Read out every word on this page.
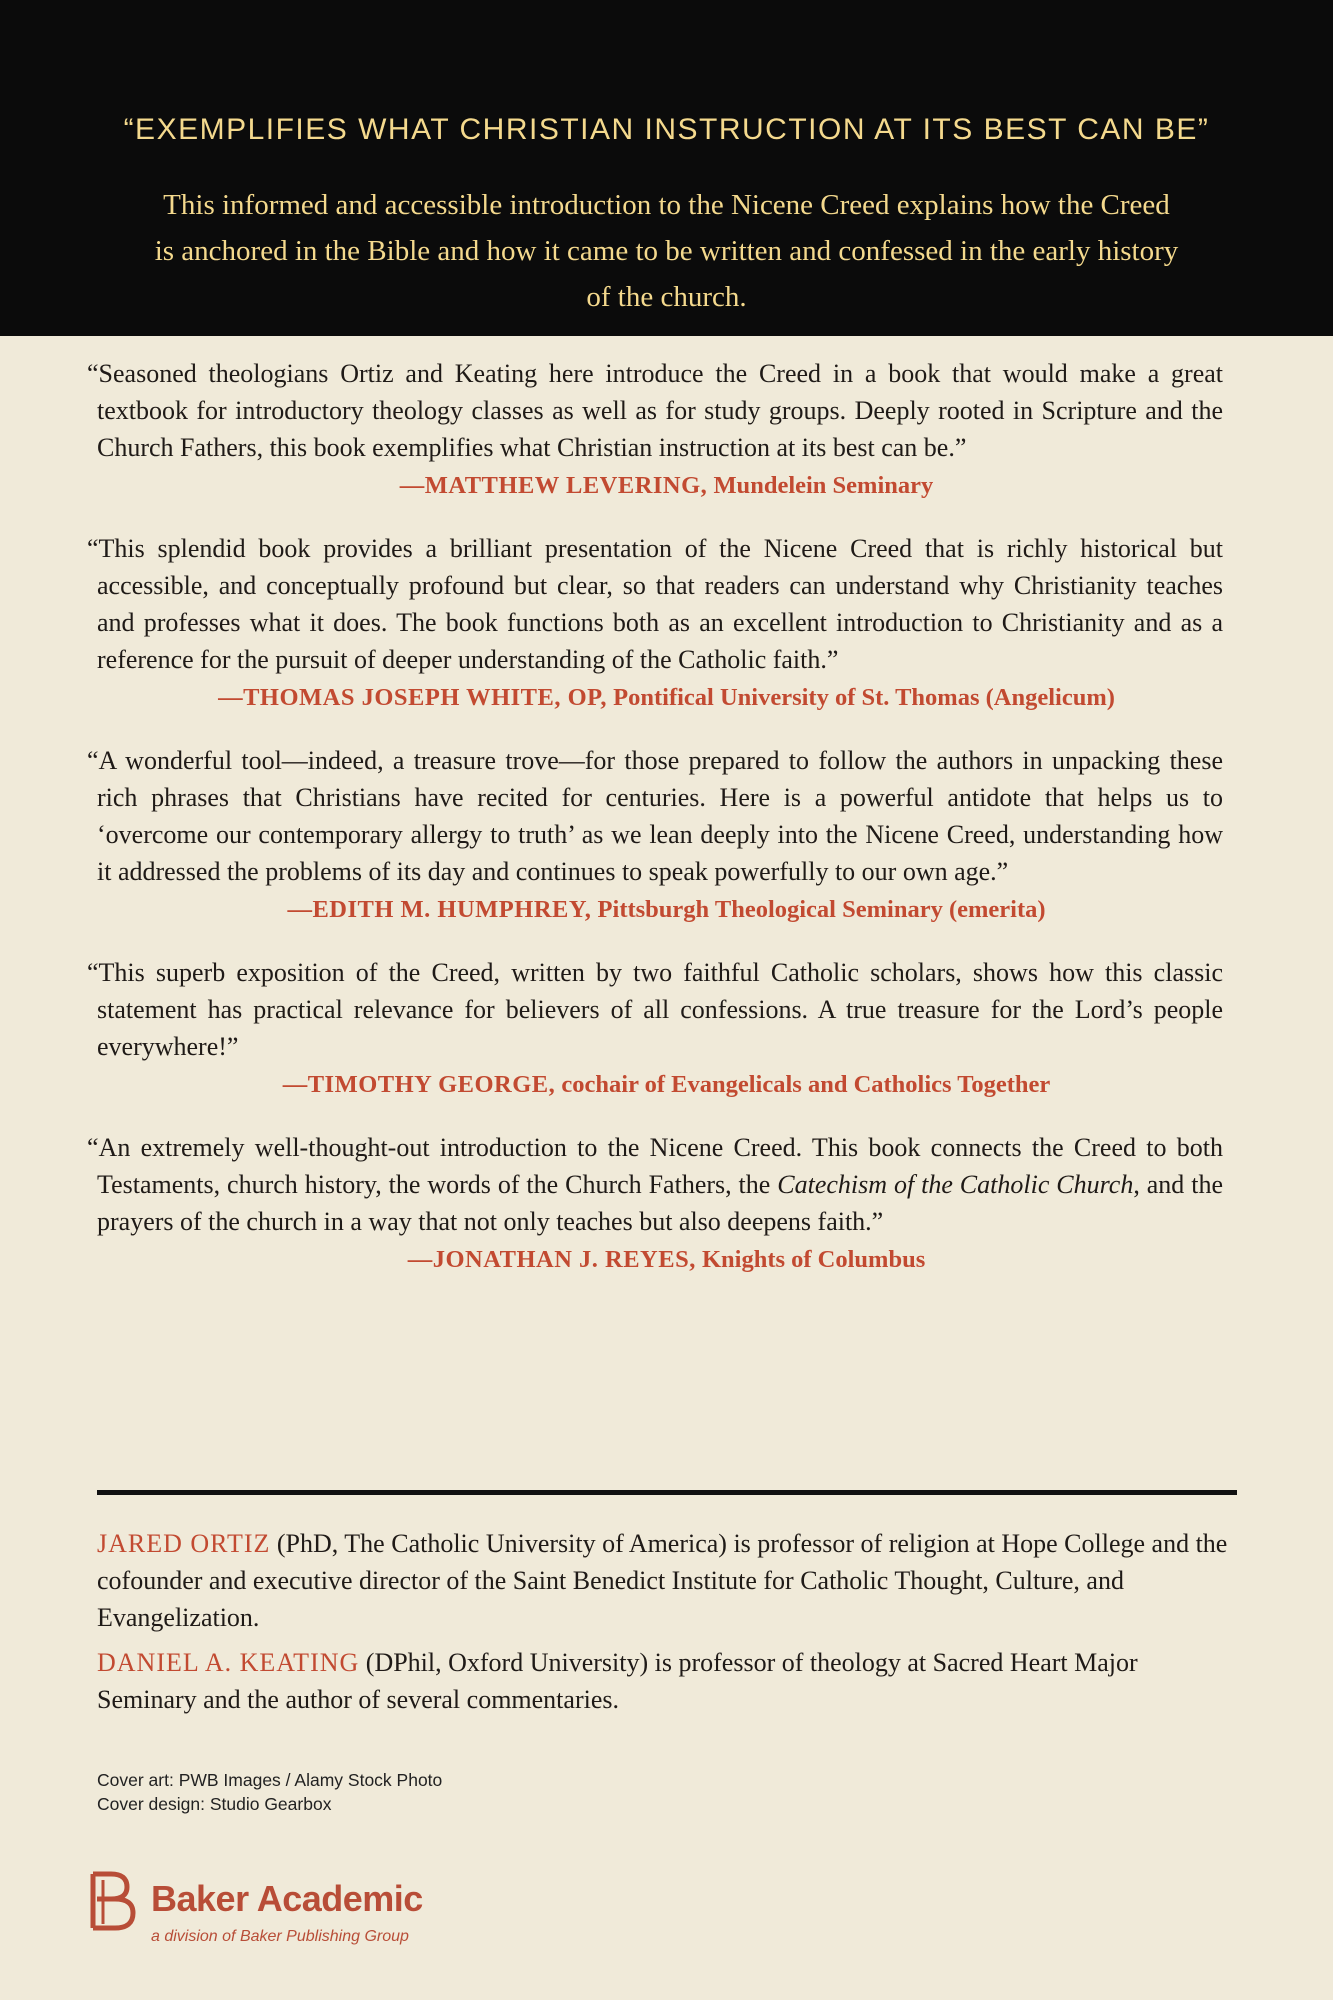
“EXEMPLIFIES WHAT CHRISTIAN INSTRUCTION AT ITS BEST CAN BE”
This informed and accessible introduction to the Nicene Creed explains how the Creed is anchored in the Bible and how it came to be written and confessed in the early history of the church.
“Seasoned theologians Ortiz and Keating here introduce the Creed in a book that would make a great textbook for introductory theology classes as well as for study groups. Deeply rooted in Scripture and the Church Fathers, this book exemplifies what Christian instruction at its best can be.”
—MATTHEW LEVERING, Mundelein Seminary
“This splendid book provides a brilliant presentation of the Nicene Creed that is richly historical but accessible, and conceptually profound but clear, so that readers can understand why Christianity teaches and professes what it does. The book functions both as an excellent introduction to Christianity and as a reference for the pursuit of deeper understanding of the Catholic faith.”
—THOMAS JOSEPH WHITE, OP, Pontifical University of St. Thomas (Angelicum)
“A wonderful tool—indeed, a treasure trove—for those prepared to follow the authors in unpacking these rich phrases that Christians have recited for centuries. Here is a powerful antidote that helps us to ‘overcome our contemporary allergy to truth’ as we lean deeply into the Nicene Creed, understanding how it addressed the problems of its day and continues to speak powerfully to our own age.”
—EDITH M. HUMPHREY, Pittsburgh Theological Seminary (emerita)
“This superb exposition of the Creed, written by two faithful Catholic scholars, shows how this classic statement has practical relevance for believers of all confessions. A true treasure for the Lord’s people everywhere!”
—TIMOTHY GEORGE, cochair of Evangelicals and Catholics Together
“An extremely well-thought-out introduction to the Nicene Creed. This book connects the Creed to both Testaments, church history, the words of the Church Fathers, the Catechism of the Catholic Church, and the prayers of the church in a way that not only teaches but also deepens faith.”
—JONATHAN J. REYES, Knights of Columbus
JARED ORTIZ (PhD, The Catholic University of America) is professor of religion at Hope College and the cofounder and executive director of the Saint Benedict Institute for Catholic Thought, Culture, and Evangelization.
DANIEL A. KEATING (DPhil, Oxford University) is professor of theology at Sacred Heart Major Seminary and the author of several commentaries.
Cover art: PWB Images / Alamy Stock Photo
Cover design: Studio Gearbox
Baker Academic
a division of Baker Publishing Group
